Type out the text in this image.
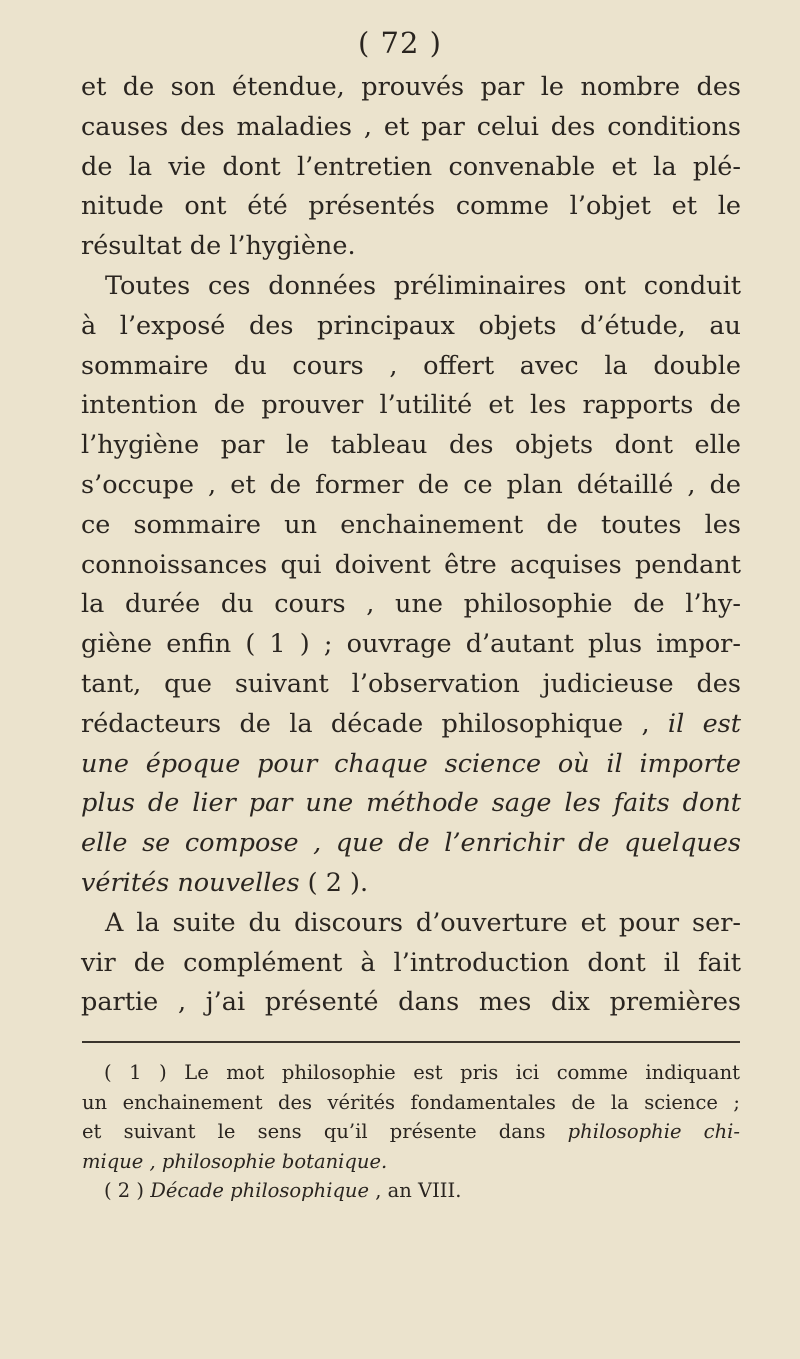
( 72 )
et de son étendue, prouvés par le nombre des
causes des maladies , et par celui des conditions
de la vie dont l’entretien convenable et la plé-
nitude ont été présentés comme l’objet et le
résultat de l’hygiène.
Toutes ces données préliminaires ont conduit
à l’exposé des principaux objets d’étude, au
sommaire du cours , offert avec la double
intention de prouver l’utilité et les rapports de
l’hygiène par le tableau des objets dont elle
s’occupe , et de former de ce plan détaillé , de
ce sommaire un enchainement de toutes les
connoissances qui doivent être acquises pendant
la durée du cours , une philosophie de l’hy-
giène enfin ( 1 ) ; ouvrage d’autant plus impor-
tant, que suivant l’observation judicieuse des
rédacteurs de la décade philosophique , il est
une époque pour chaque science où il importe
plus de lier par une méthode sage les faits dont
elle se compose , que de l’enrichir de quelques
vérités nouvelles ( 2 ).
A la suite du discours d’ouverture et pour ser-
vir de complément à l’introduction dont il fait
partie , j’ai présenté dans mes dix premières
( 1 ) Le mot philosophie est pris ici comme indiquant
un enchainement des vérités fondamentales de la science ;
et suivant le sens qu’il présente dans philosophie chi-
mique , philosophie botanique.
( 2 ) Décade philosophique , an VIII.
